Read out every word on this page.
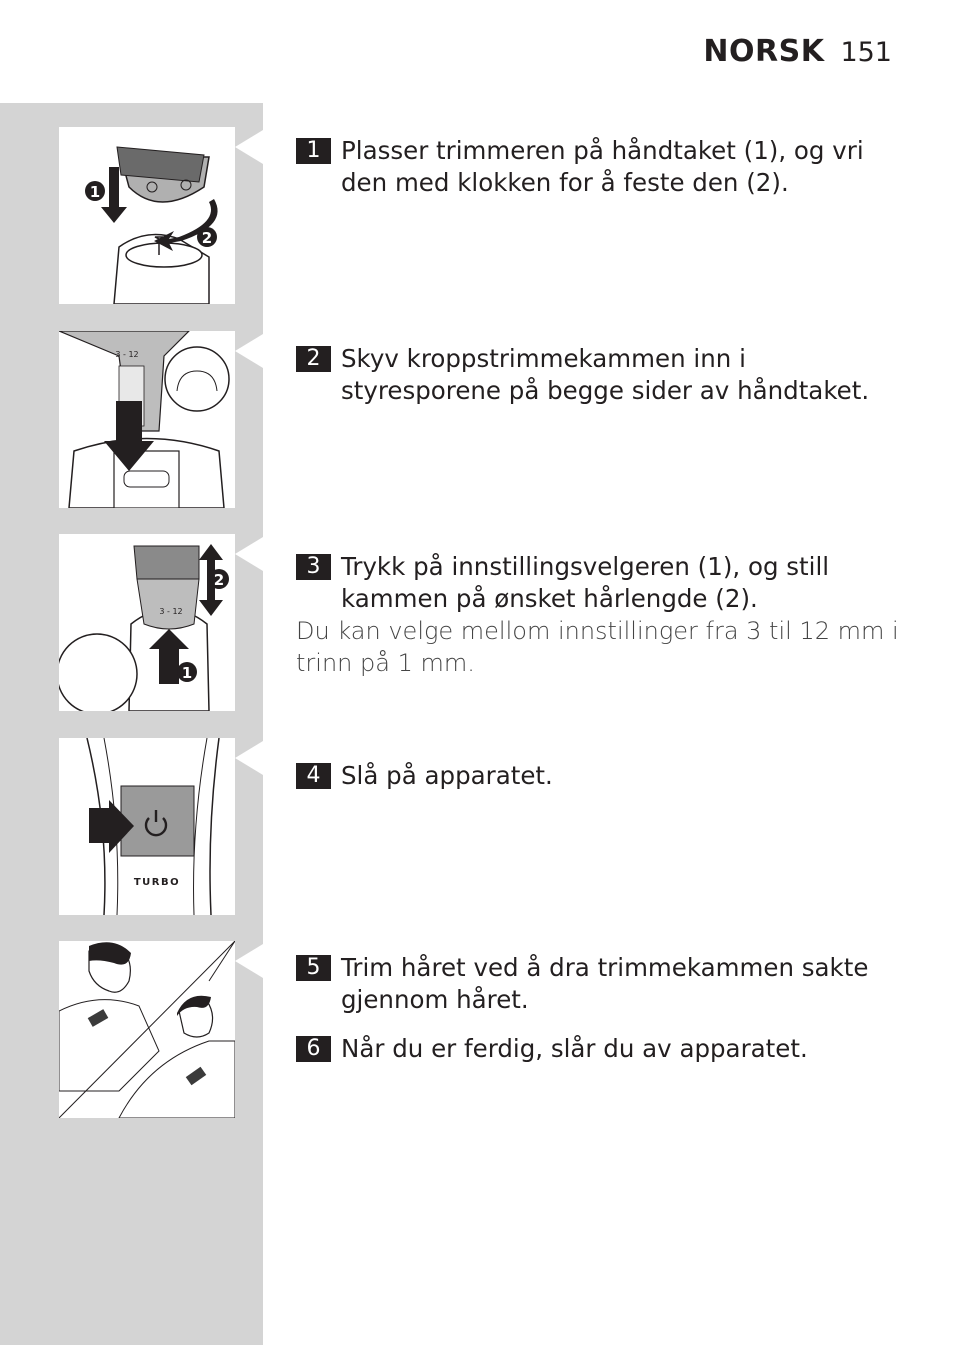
NORSK 151
1
2
3 - 12
3 - 12
2
1
TURBO
1 Plasser trimmeren på håndtaket (1), og vri den med klokken for å feste den (2).
2 Skyv kroppstrimmekammen inn i styresporene på begge sider av håndtaket.
3 Trykk på innstillingsvelgeren (1), og still kammen på ønsket hårlengde (2).
Du kan velge mellom innstillinger fra 3 til 12 mm i trinn på 1 mm.
4 Slå på apparatet.
5 Trim håret ved å dra trimmekammen sakte gjennom håret.
6 Når du er ferdig, slår du av apparatet.
